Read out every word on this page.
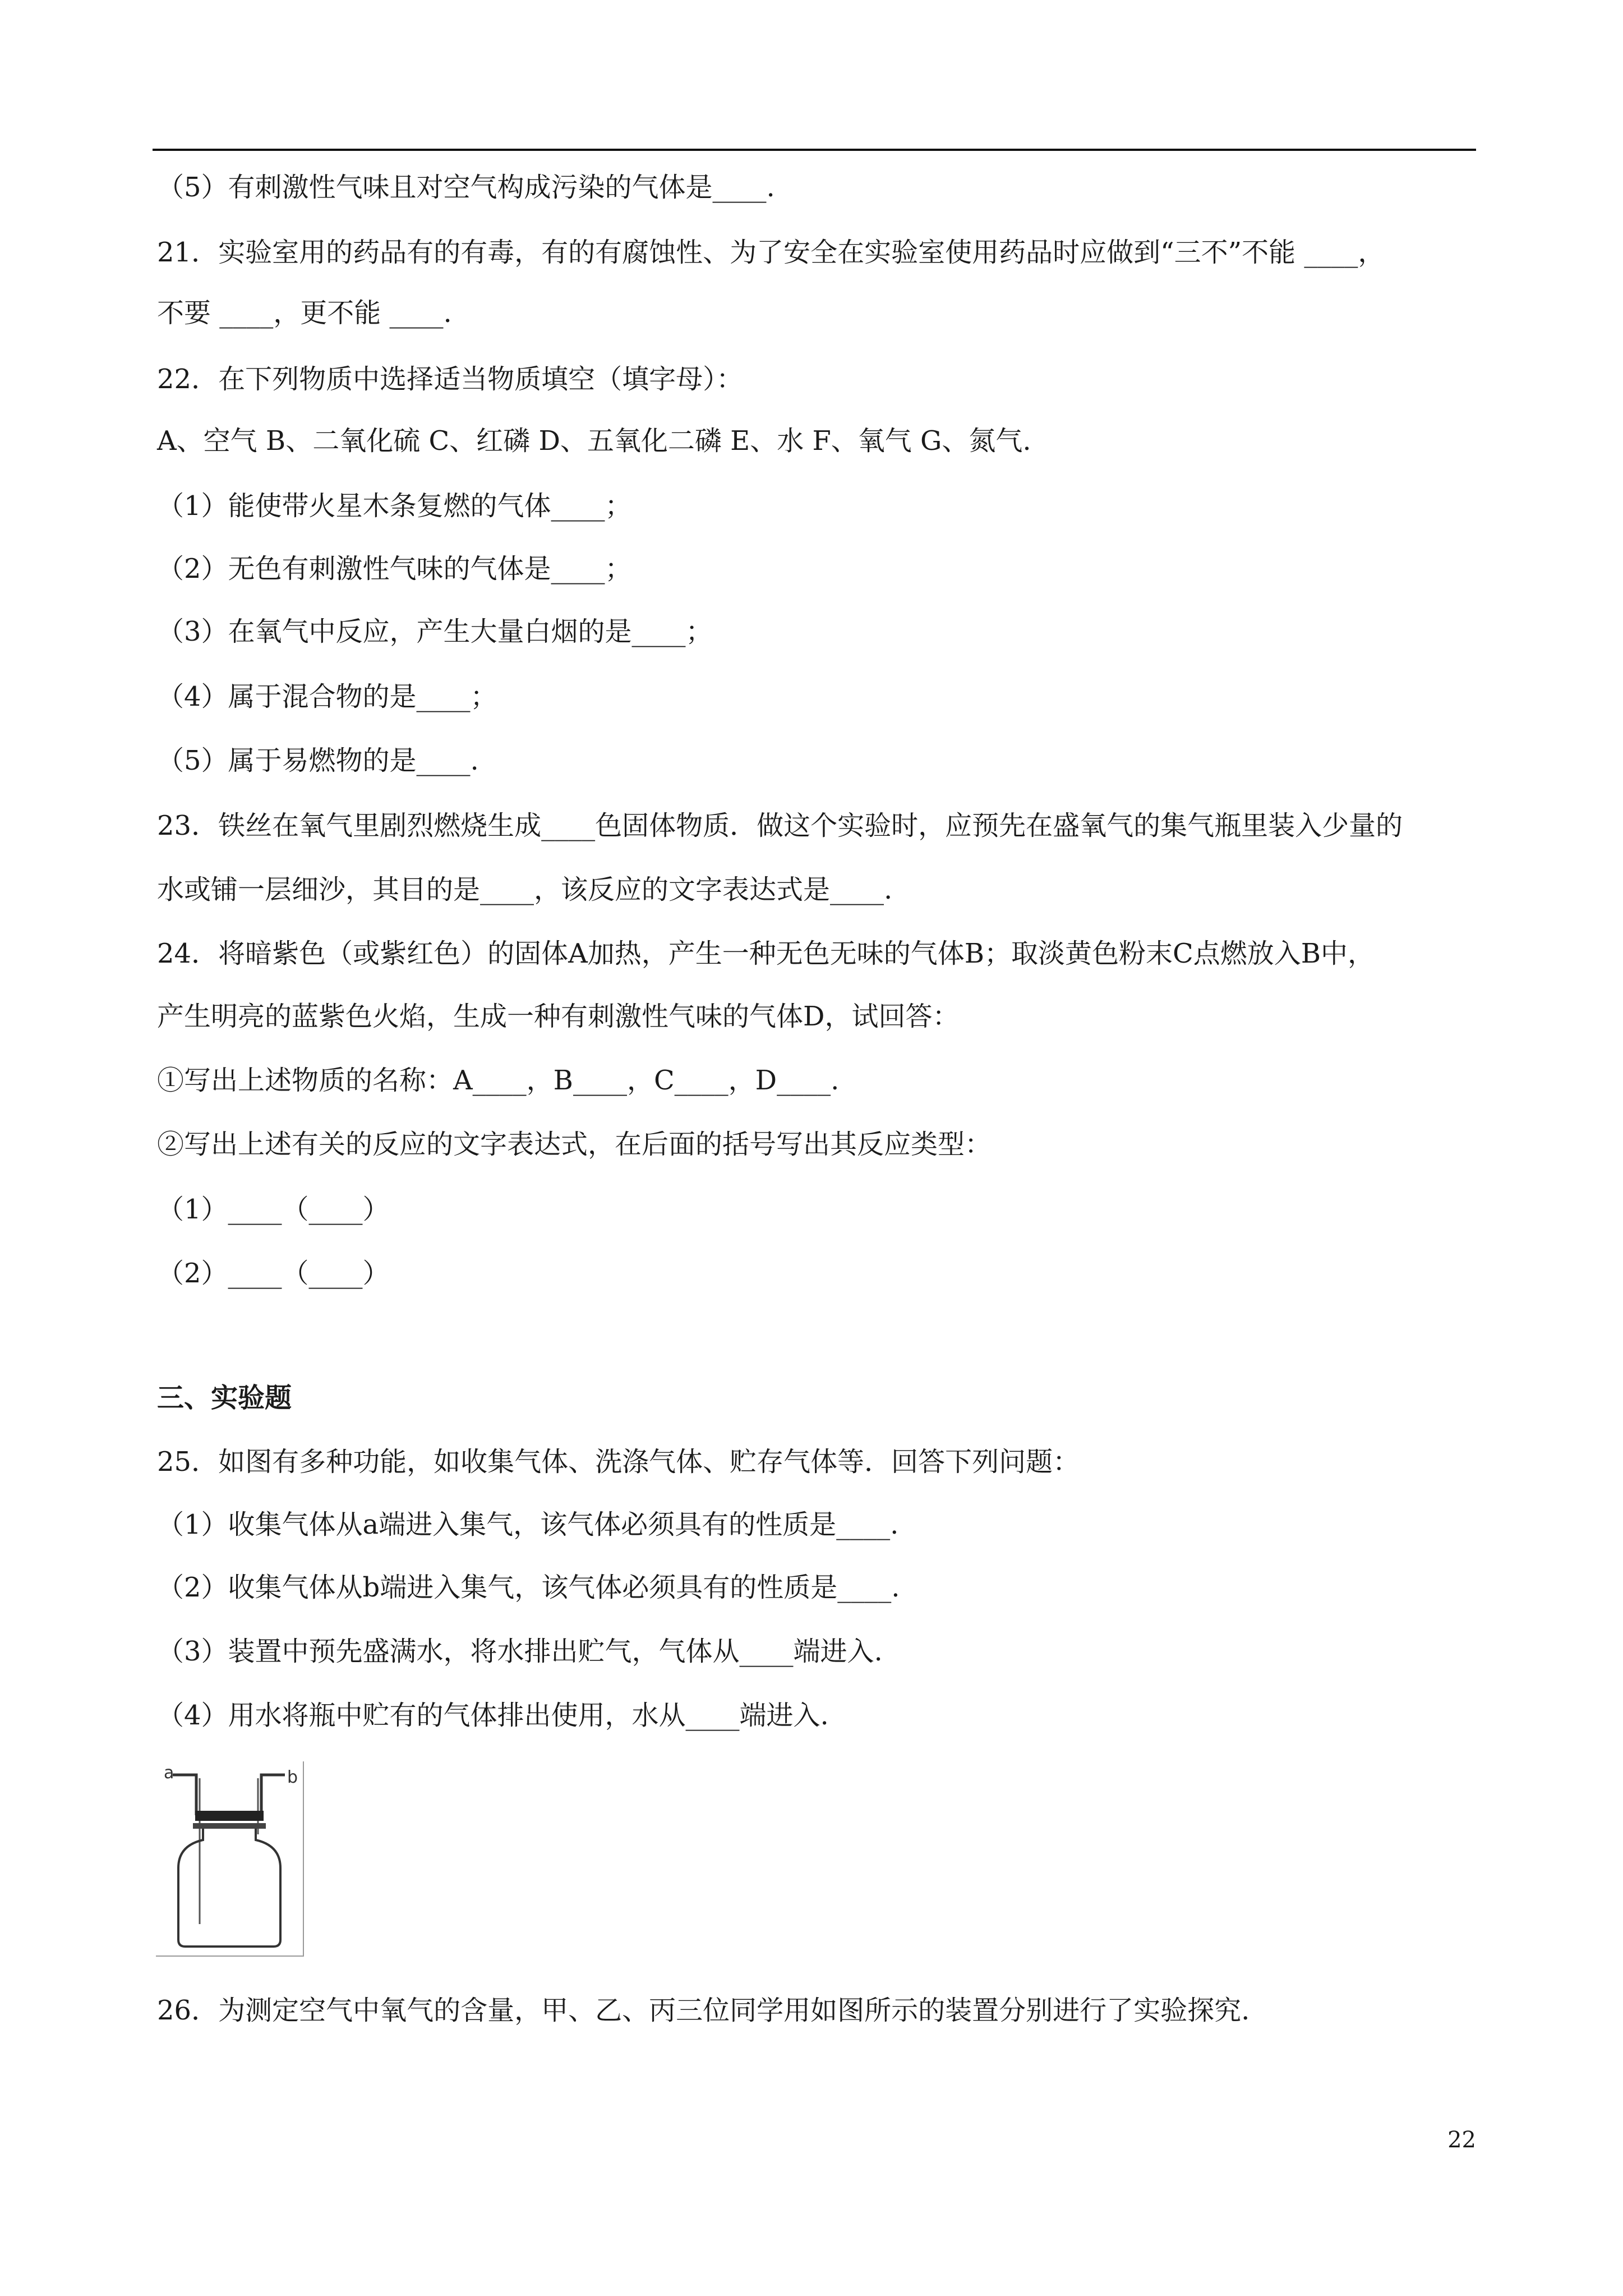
（5）有刺激性气味且对空气构成污染的气体是____.
21．实验室用的药品有的有毒，有的有腐蚀性、为了安全在实验室使用药品时应做到“三不”不能 ____，
不要 ____，更不能 ____.
22．在下列物质中选择适当物质填空（填字母）：
A、空气 B、二氧化硫 C、红磷 D、五氧化二磷 E、水 F、氧气 G、氮气.
（1）能使带火星木条复燃的气体____；
（2）无色有刺激性气味的气体是____；
（3）在氧气中反应，产生大量白烟的是____；
（4）属于混合物的是____；
（5）属于易燃物的是____.
23．铁丝在氧气里剧烈燃烧生成____色固体物质．做这个实验时，应预先在盛氧气的集气瓶里装入少量的
水或铺一层细沙，其目的是____，该反应的文字表达式是____.
24．将暗紫色（或紫红色）的固体A加热，产生一种无色无味的气体B；取淡黄色粉末C点燃放入B中，
产生明亮的蓝紫色火焰，生成一种有刺激性气味的气体D，试回答：
①写出上述物质的名称：A____，B____，C____，D____.
②写出上述有关的反应的文字表达式，在后面的括号写出其反应类型：
（1）____（____）
（2）____（____）
三、实验题
25．如图有多种功能，如收集气体、洗涤气体、贮存气体等．回答下列问题：
（1）收集气体从a端进入集气，该气体必须具有的性质是____.
（2）收集气体从b端进入集气，该气体必须具有的性质是____.
（3）装置中预先盛满水，将水排出贮气，气体从____端进入.
（4）用水将瓶中贮有的气体排出使用，水从____端进入.
a	b
26．为测定空气中氧气的含量，甲、乙、丙三位同学用如图所示的装置分别进行了实验探究.
22
